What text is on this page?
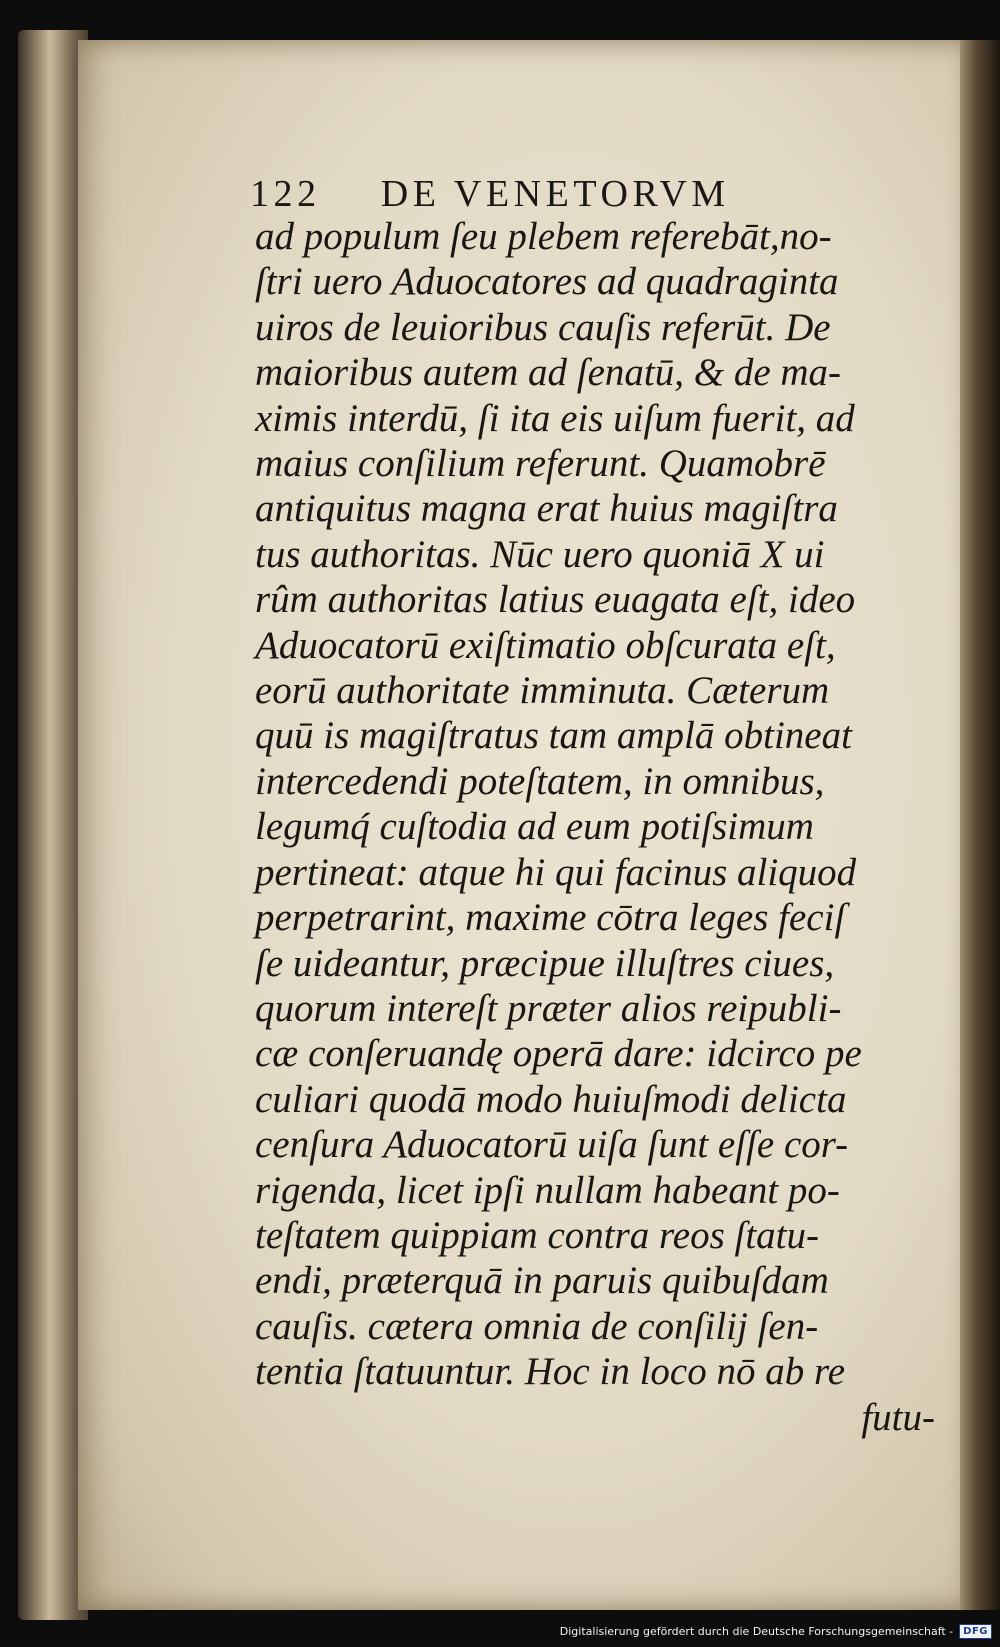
122 DE VENETORVM
ad populum ſeu plebem referebāt,no-
ſtri uero Aduocatores ad quadraginta
uiros de leuioribus cauſis referūt. De
maioribus autem ad ſenatū, & de ma-
ximis interdū, ſi ita eis uiſum fuerit, ad
maius conſilium referunt. Quamobrē
antiquitus magna erat huius magiſtra
tus authoritas. Nūc uero quoniā X ui
rûm authoritas latius euagata eſt, ideo
Aduocatorū exiſtimatio obſcurata eſt,
eorū authoritate imminuta. Cæterum
quū is magiſtratus tam amplā obtineat
intercedendi poteſtatem, in omnibus,
legumq́ cuſtodia ad eum potiſsimum
pertineat: atque hi qui facinus aliquod
perpetrarint, maxime cōtra leges feciſ
ſe uideantur, præcipue illuſtres ciues,
quorum intereſt præter alios reipubli-
cæ conſeruandę operā dare: idcirco pe
culiari quodā modo huiuſmodi delicta
cenſura Aduocatorū uiſa ſunt eſſe cor-
rigenda, licet ipſi nullam habeant po-
teſtatem quippiam contra reos ſtatu-
endi, præterquā in paruis quibuſdam
cauſis. cætera omnia de conſilij ſen-
tentia ſtatuuntur. Hoc in loco nō ab re
futu-
Digitalisierung gefördert durch die Deutsche Forschungsgemeinschaft -	DFG
